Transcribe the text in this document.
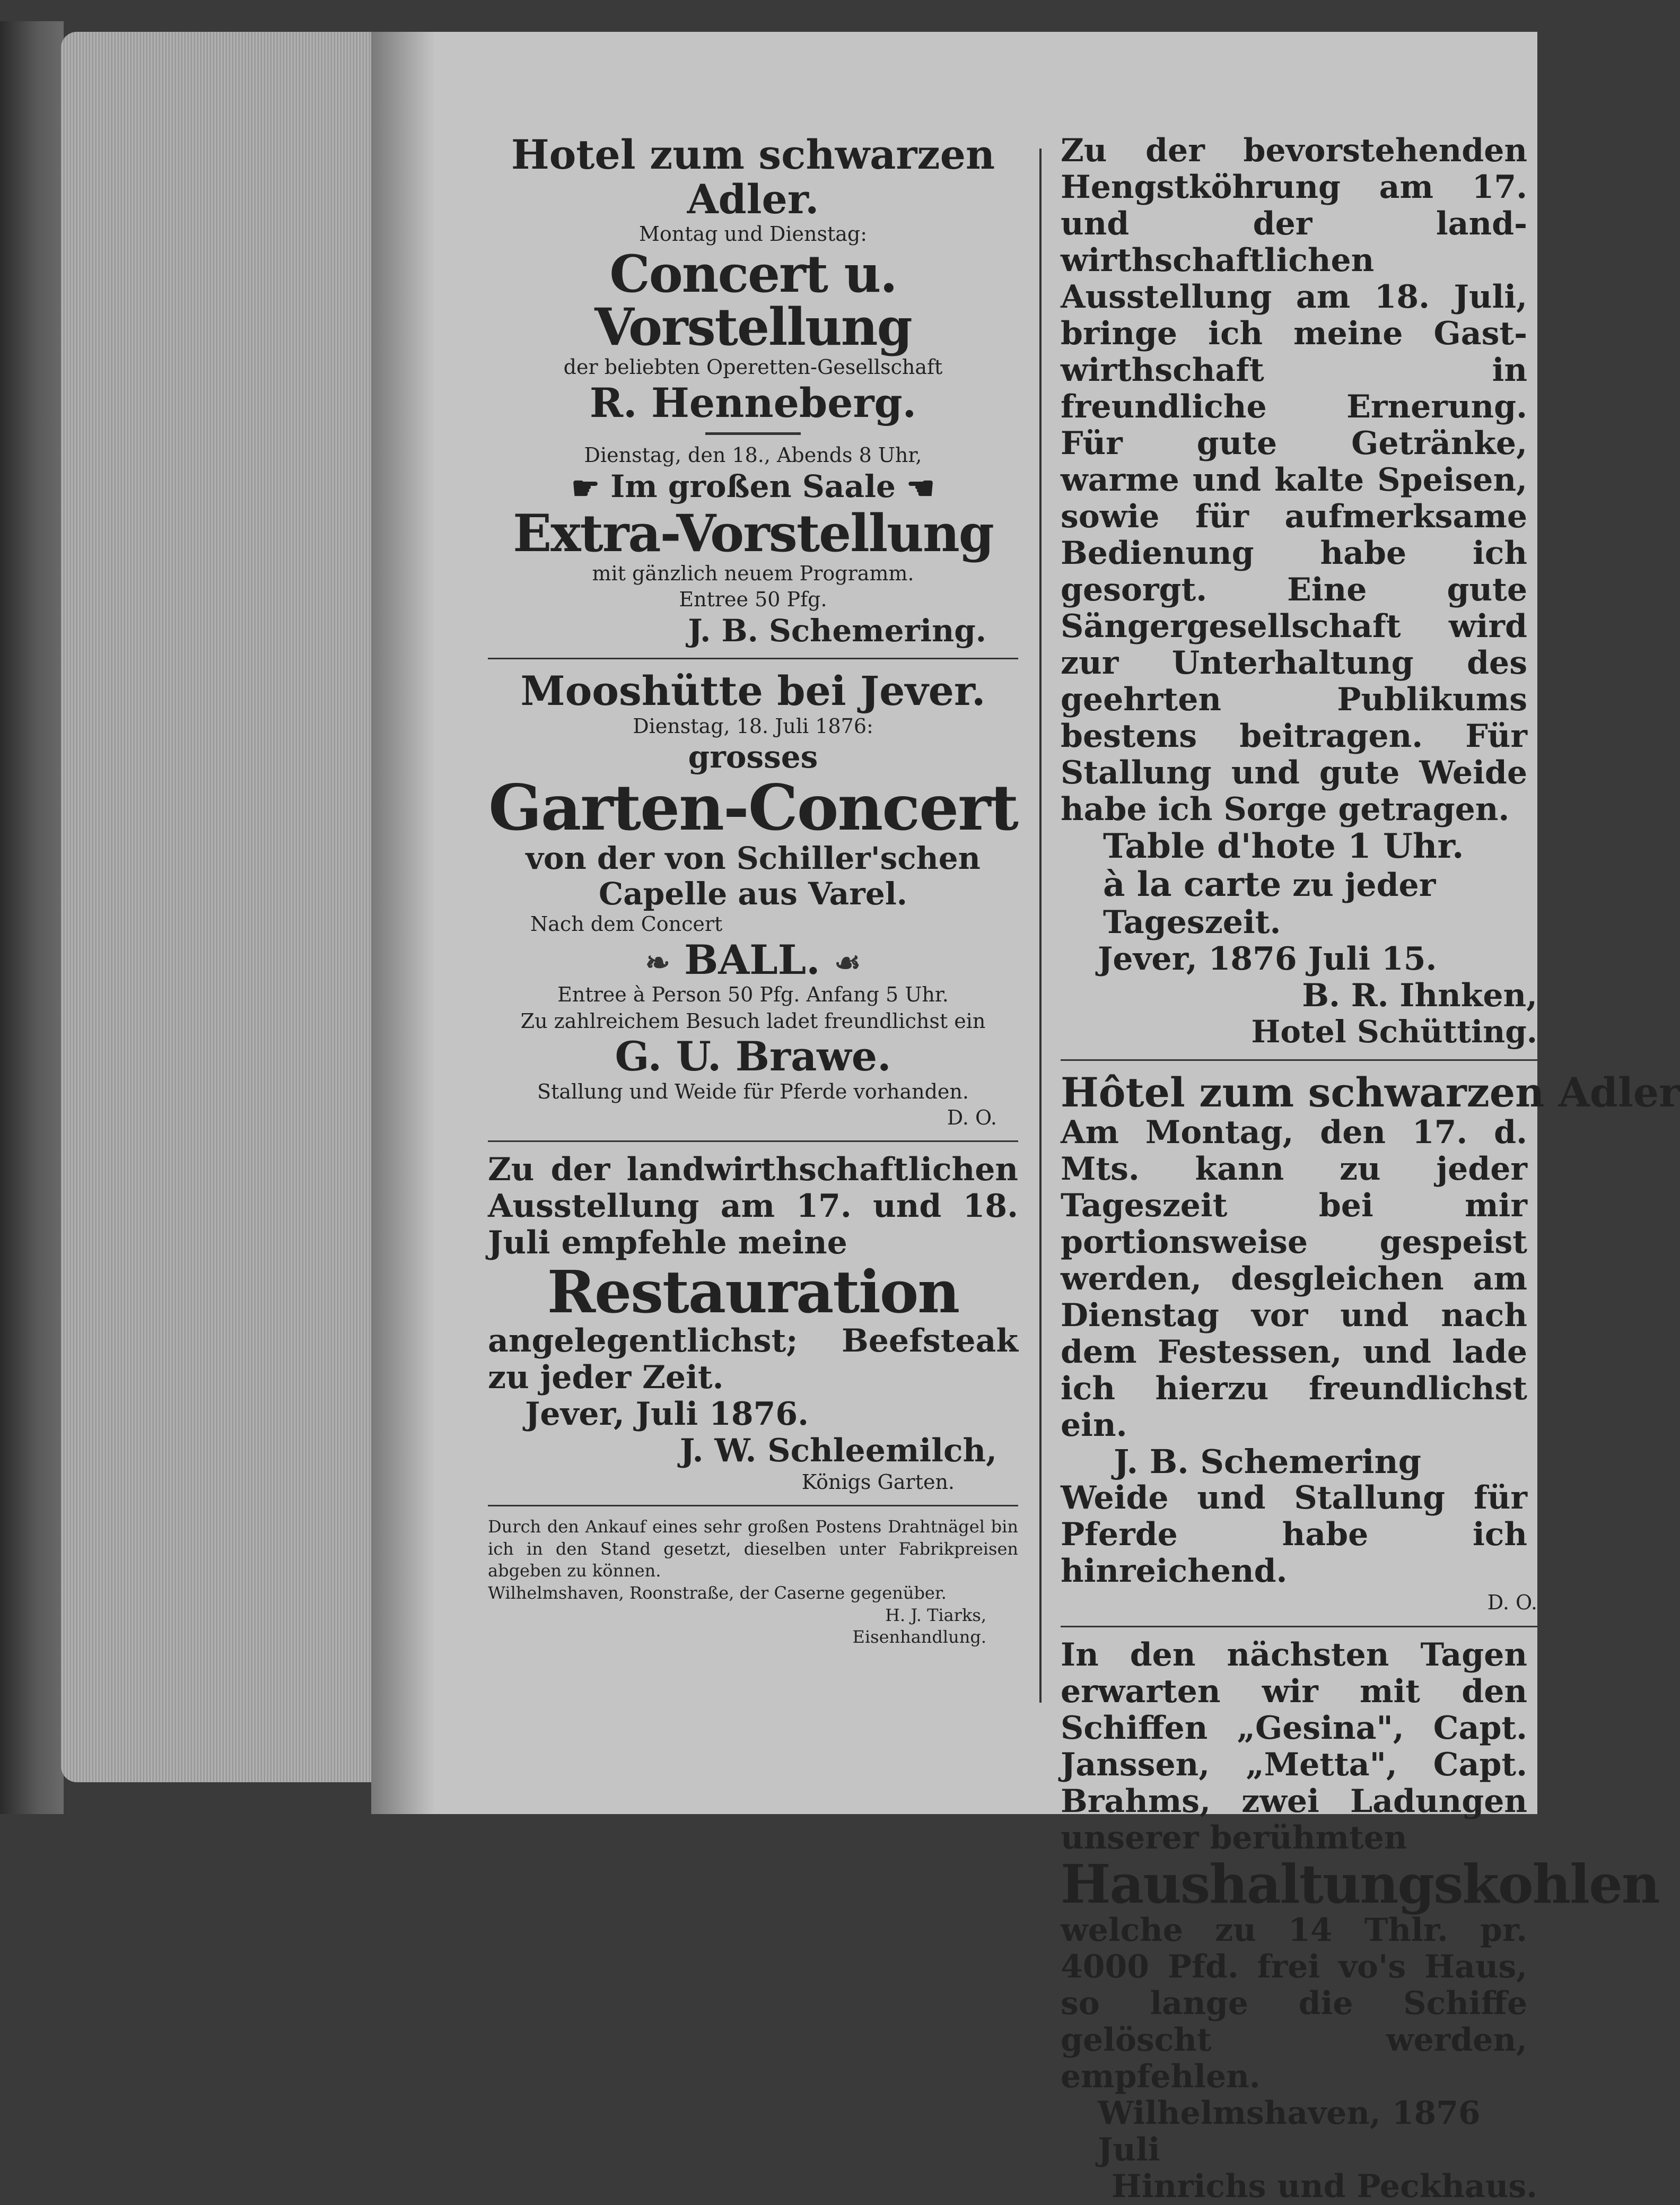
Hotel zum schwarzen Adler.
Montag und Dienstag:
Concert u. Vorstellung
der beliebten Operetten-Gesellschaft
R. Henneberg.
Dienstag, den 18., Abends 8 Uhr,
☛ Im großen Saale ☚
Extra-Vorstellung
mit gänzlich neuem Programm.
Entree 50 Pfg.
J. B. Schemering.
Mooshütte bei Jever.
Dienstag, 18. Juli 1876:
grosses
Garten-Concert
von der von Schiller'schen Capelle aus Varel.
Nach dem Concert
❧ BALL. ☙
Entree à Person 50 Pfg. Anfang 5 Uhr.
Zu zahlreichem Besuch ladet freundlichst ein
G. U. Brawe.
Stallung und Weide für Pferde vorhanden.
D. O.
Zu der landwirthschaftlichen Ausstellung am 17. und 18. Juli empfehle meine
Restauration
angelegentlichst; Beefsteak zu jeder Zeit.
Jever, Juli 1876.
J. W. Schleemilch,
Königs Garten.
Durch den Ankauf eines sehr großen Postens Drahtnägel bin ich in den Stand gesetzt, dieselben unter Fabrikpreisen abgeben zu können.
Wilhelmshaven, Roonstraße, der Caserne gegenüber.
H. J. Tiarks,
Eisenhandlung.
Zu der bevorstehenden Hengstköhrung am 17. und der landwirthschaftlichen Ausstellung am 18. Juli, bringe ich meine Gastwirthschaft in freundliche Ernerung. Für gute Getränke, warme und kalte Speisen, sowie für aufmerksame Bedienung habe ich gesorgt. Eine gute Sängergesellschaft wird zur Unterhaltung des geehrten Publikums bestens beitragen. Für Stallung und gute Weide habe ich Sorge getragen.
Table d'hote 1 Uhr.
à la carte zu jeder Tageszeit.
Jever, 1876 Juli 15.
B. R. Ihnken,
Hotel Schütting.
Hôtel zum schwarzen Adler
Am Montag, den 17. d. Mts. kann zu jeder Tageszeit bei mir portionsweise gespeist werden, desgleichen am Dienstag vor und nach dem Festessen, und lade ich hierzu freundlichst ein.
J. B. Schemering
Weide und Stallung für Pferde habe ich hinreichend.
D. O.
In den nächsten Tagen erwarten wir mit den Schiffen „Gesina", Capt. Janssen, „Metta", Capt. Brahms, zwei Ladungen unserer berühmten
Haushaltungskohlen
welche zu 14 Thlr. pr. 4000 Pfd. frei vo's Haus, so lange die Schiffe gelöscht werden, empfehlen.
Wilhelmshaven, 1876 Juli
Hinrichs und Peckhaus.
